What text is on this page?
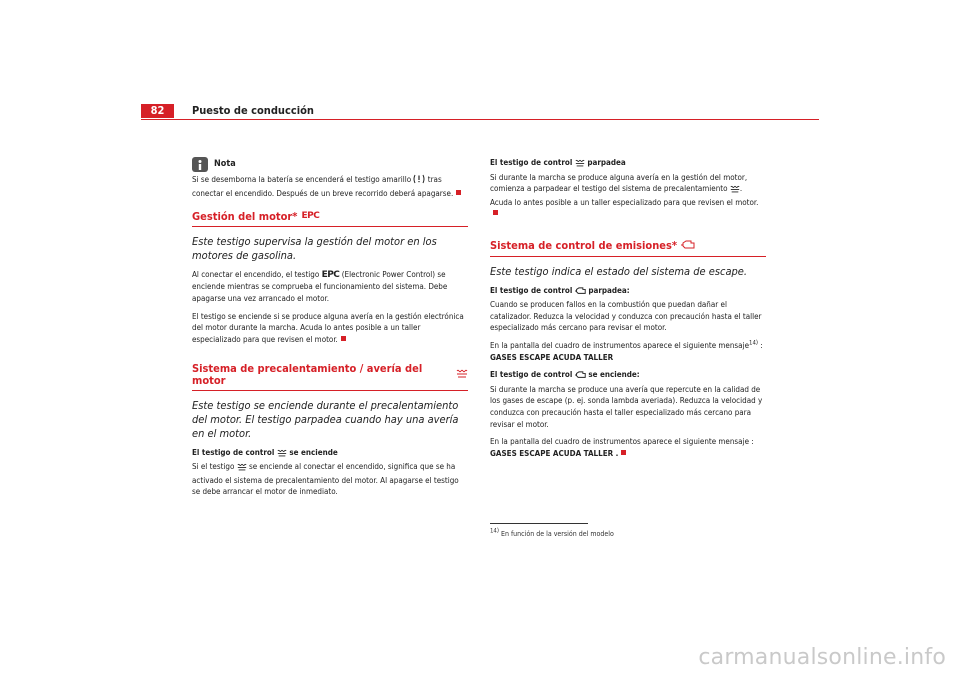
82	Puesto de conducción
Nota

Si se desemborna la batería se encenderá el testigo amarillo tras conectar el encendido. Después de un breve recorrido deberá apagarse.

Gestión del motor* EPC
Este testigo supervisa la gestión del motor en los motores de gasolina.

Al conectar el encendido, el testigo EPC (Electronic Power Control) se enciende mientras se comprueba el funcionamiento del sistema. Debe apagarse una vez arrancado el motor.

El testigo se enciende si se produce alguna avería en la gestión electrónica del motor durante la marcha. Acuda lo antes posible a un taller especializado para que revisen el motor.

Sistema de precalentamiento / avería del motor
Este testigo se enciende durante el precalentamiento del motor. El testigo parpadea cuando hay una avería en el motor.

El testigo de control se enciende

Si el testigo se enciende al conectar el encendido, significa que se ha activado el sistema de precalentamiento del motor. Al apagarse el testigo se debe arrancar el motor de inmediato.

El testigo de control parpadea

Si durante la marcha se produce alguna avería en la gestión del motor, comienza a parpadear el testigo del sistema de precalentamiento . Acuda lo antes posible a un taller especializado para que revisen el motor.

Sistema de control de emisiones*
Este testigo indica el estado del sistema de escape.

El testigo de control parpadea:

Cuando se producen fallos en la combustión que puedan dañar el catalizador. Reduzca la velocidad y conduzca con precaución hasta el taller especializado más cercano para revisar el motor.

En la pantalla del cuadro de instrumentos aparece el siguiente mensaje$^{14)}$ :

GASES ESCAPE ACUDA TALLER

El testigo de control se enciende:

Si durante la marcha se produce una avería que repercute en la calidad de los gases de escape (p. ej. sonda lambda averiada). Reduzca la velocidad y conduzca con precaución hasta el taller especializado más cercano para revisar el motor.

En la pantalla del cuadro de instrumentos aparece el siguiente mensaje :

GASES ESCAPE ACUDA TALLER .

$^{14)}$ En función de la versión del modelo
carmanualsonline.info
